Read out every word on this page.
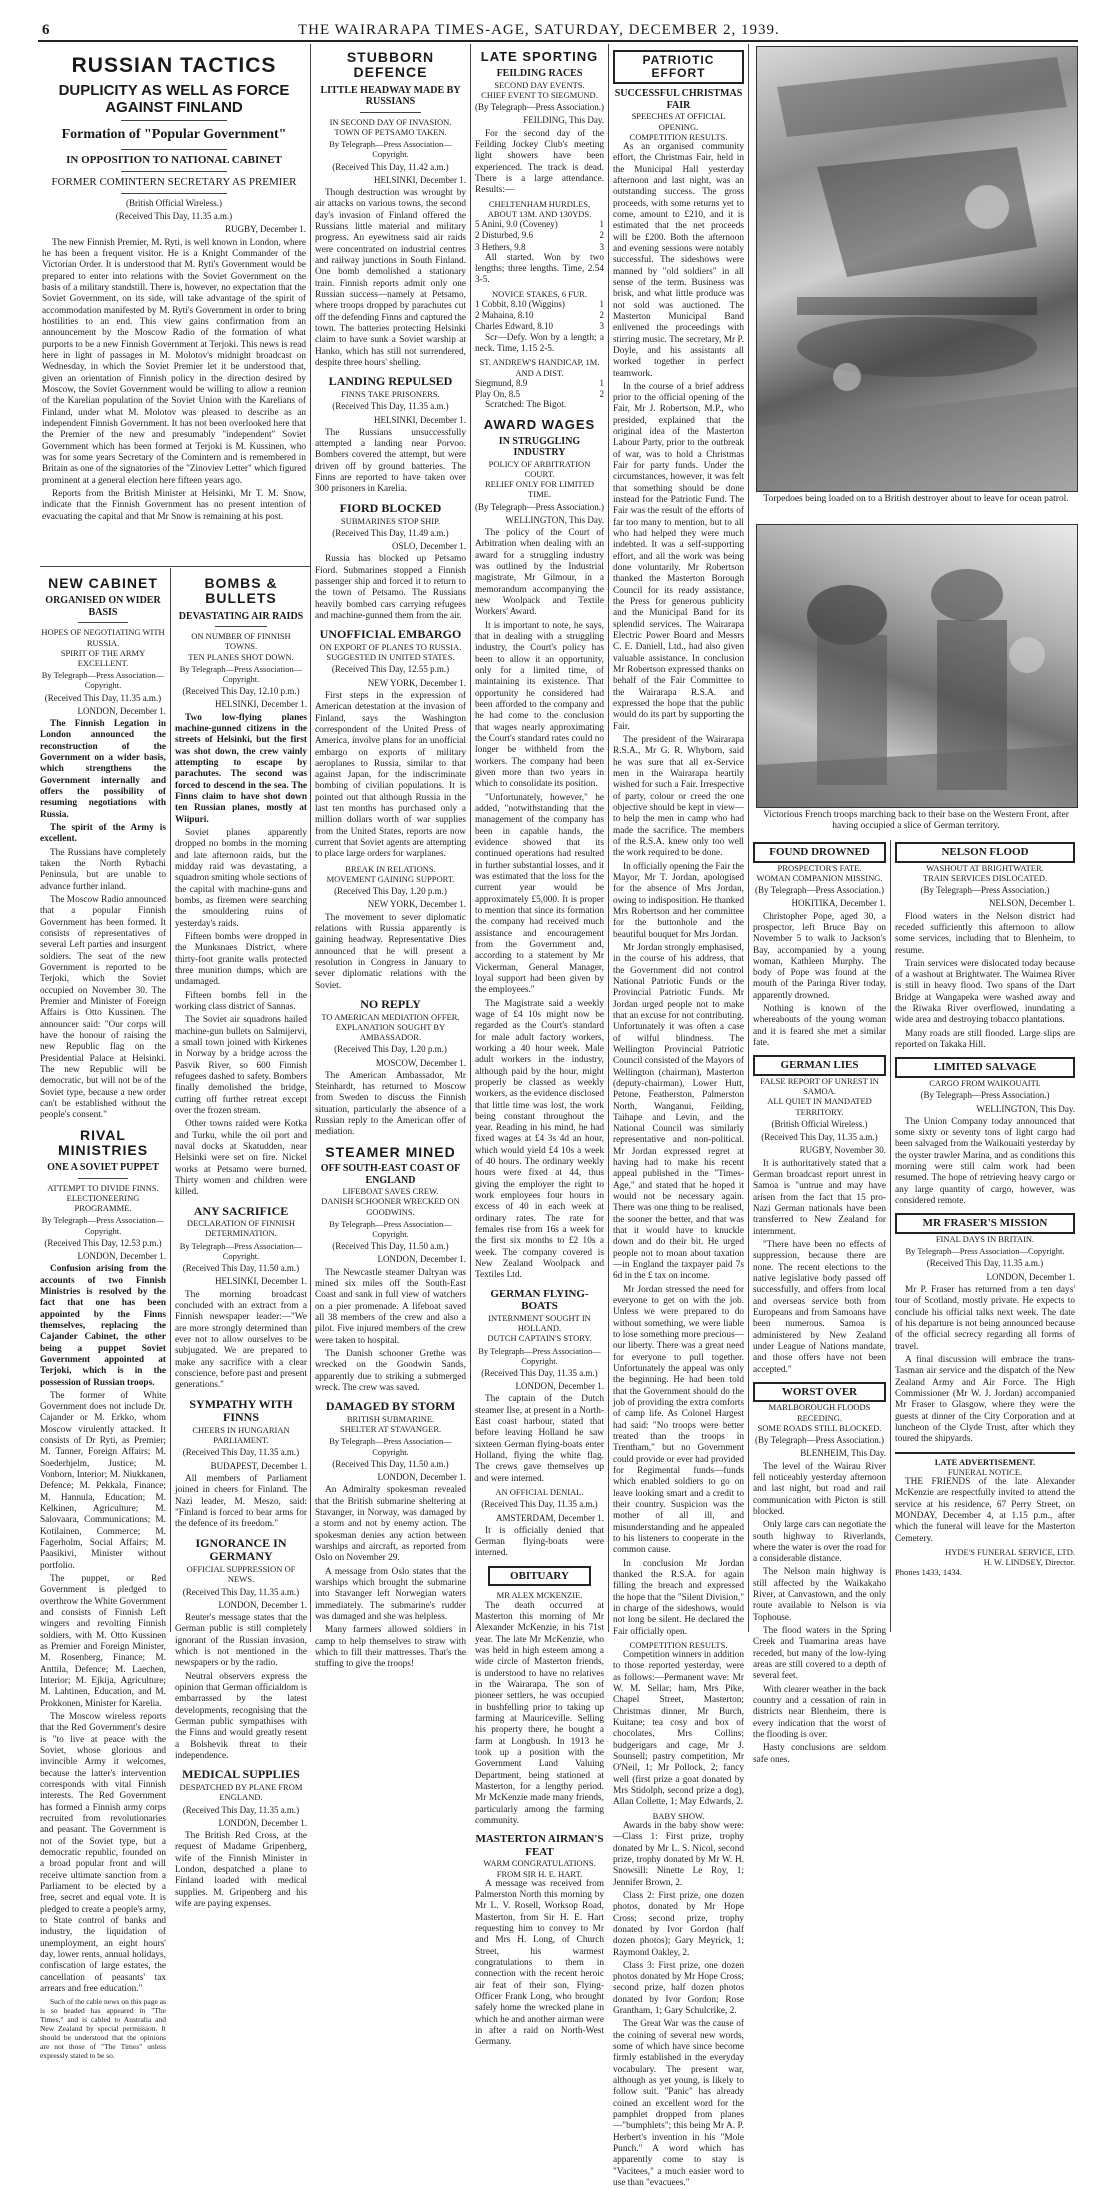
6	THE WAIRARAPA TIMES-AGE, SATURDAY, DECEMBER 2, 1939.
RUSSIAN TACTICS
DUPLICITY AS WELL AS FORCE AGAINST FINLAND
Formation of "Popular Government"
IN OPPOSITION TO NATIONAL CABINET
FORMER COMINTERN SECRETARY AS PREMIER
(British Official Wireless.)
(Received This Day, 11.35 a.m.)
RUGBY, December 1.

The new Finnish Premier, M. Ryti, is well known in London, where he has been a frequent visitor. He is a Knight Commander of the Victorian Order. It is understood that M. Ryti's Government would be prepared to enter into relations with the Soviet Government on the basis of a military standstill. There is, however, no expectation that the Soviet Government, on its side, will take advantage of the spirit of accommodation manifested by M. Ryti's Government in order to bring hostilities to an end. This view gains confirmation from an announcement by the Moscow Radio of the formation of what purports to be a new Finnish Government at Terjoki. This news is read here in light of passages in M. Molotov's midnight broadcast on Wednesday, in which the Soviet Premier let it be understood that, given an orientation of Finnish policy in the direction desired by Moscow, the Soviet Government would be willing to allow a reunion of the Karelian population of the Soviet Union with the Karelians of Finland, under what M. Molotov was pleased to describe as an independent Finnish Government. It has not been overlooked here that the Premier of the new and presumably "independent" Soviet Government which has been formed at Terjoki is M. Kussinen, who was for some years Secretary of the Comintern and is remembered in Britain as one of the signatories of the "Zinoviev Letter" which figured prominent at a general election here fifteen years ago.

Reports from the British Minister at Helsinki, Mr T. M. Snow, indicate that the Finnish Government has no present intention of evacuating the capital and that Mr Snow is remaining at his post.

NEW CABINET
ORGANISED ON WIDER BASIS
HOPES OF NEGOTIATING WITH RUSSIA.
SPIRIT OF THE ARMY EXCELLENT.
By Telegraph—Press Association—Copyright.
(Received This Day, 11.35 a.m.)
LONDON, December 1.

The Finnish Legation in London announced the reconstruction of the Government on a wider basis, which strengthens the Government internally and offers the possibility of resuming negotiations with Russia.

The spirit of the Army is excellent.

The Russians have completely taken the North Rybachi Peninsula, but are unable to advance further inland.

The Moscow Radio announced that a popular Finnish Government has been formed. It consists of representatives of several Left parties and insurgent soldiers. The seat of the new Government is reported to be Terjoki, which the Soviet occupied on November 30. The Premier and Minister of Foreign Affairs is Otto Kussinen. The announcer said: "Our corps will have the honour of raising the new Republic flag on the Presidential Palace at Helsinki. The new Republic will be democratic, but will not be of the Soviet type, because a new order can't be established without the people's consent."

RIVAL MINISTRIES
ONE A SOVIET PUPPET
ATTEMPT TO DIVIDE FINNS.
ELECTIONEERING PROGRAMME.
By Telegraph—Press Association—Copyright.
(Received This Day, 12.53 p.m.)
LONDON, December 1.

Confusion arising from the accounts of two Finnish Ministries is resolved by the fact that one has been appointed by the Finns themselves, replacing the Cajander Cabinet, the other being a puppet Soviet Government appointed at Terjoki, which is in the possession of Russian troops.

The former of White Government does not include Dr. Cajander or M. Erkko, whom Moscow virulently attacked. It consists of Dr Ryti, as Premier; M. Tanner, Foreign Affairs; M. Soederhjelm, Justice; M. Vonborn, Interior; M. Niukkanen, Defence; M. Pekkala, Finance; M. Hannula, Education; M. Kelkinen, Agriculture; M. Salovaara, Communications; M. Kotilainen, Commerce; M. Fagerholm, Social Affairs; M. Paasikivi, Minister without portfolio.

The puppet, or Red Government is pledged to overthrow the White Government and consists of Finnish Left wingers and revolting Finnish soldiers, with M. Otto Kussinen as Premier and Foreign Minister, M. Rosenberg, Finance; M. Anttila, Defence; M. Laechen, Interior; M. Ejkija, Agriculture; M. Lahtinen, Education, and M. Prokkonen, Minister for Karelia.

The Moscow wireless reports that the Red Government's desire is "to live at peace with the Soviet, whose glorious and invincible Army it welcomes, because the latter's intervention corresponds with vital Finnish interests. The Red Government has formed a Finnish army corps recruited from revolutionaries and peasant. The Government is not of the Soviet type, but a democratic republic, founded on a broad popular front and will receive ultimate sanction from a Parliament to be elected by a free, secret and equal vote. It is pledged to create a people's army, to State control of banks and industry, the liquidation of unemployment, an eight hours' day, lower rents, annual holidays, confiscation of large estates, the cancellation of peasants' tax arrears and free education."

Such of the cable news on this page as is so headed has appeared in "The Times," and is cabled to Australia and New Zealand by special permission. It should be understood that the opinions are not those of "The Times" unless expressly stated to be so.

BOMBS & BULLETS
DEVASTATING AIR RAIDS
ON NUMBER OF FINNISH TOWNS.
TEN PLANES SHOT DOWN.
By Telegraph—Press Association—Copyright.
(Received This Day, 12.10 p.m.)
HELSINKI, December 1.

Two low-flying planes machine-gunned citizens in the streets of Helsinki, but the first was shot down, the crew vainly attempting to escape by parachutes. The second was forced to descend in the sea. The Finns claim to have shot down ten Russian planes, mostly at Wiipuri.

Soviet planes apparently dropped no bombs in the morning and late afternoon raids, but the midday raid was devastating, a squadron smiting whole sections of the capital with machine-guns and bombs, as firemen were searching the smouldering ruins of yesterday's raids.

Fifteen bombs were dropped in the Munksnaes District, where thirty-foot granite walls protected three munition dumps, which are undamaged.

Fifteen bombs fell in the working class district of Sannas.

The Soviet air squadrons hailed machine-gun bullets on Salmijervi, a small town joined with Kirkenes in Norway by a bridge across the Pasvik River, so 600 Finnish refugees dashed to safety. Bombers finally demolished the bridge, cutting off further retreat except over the frozen stream.

Other towns raided were Kotka and Turku, while the oil port and naval docks at Skatudden, near Helsinki were set on fire. Nickel works at Petsamo were burned. Thirty women and children were killed.

ANY SACRIFICE
DECLARATION OF FINNISH DETERMINATION.
By Telegraph—Press Association—Copyright.
(Received This Day, 11.50 a.m.)
HELSINKI, December 1.

The morning broadcast concluded with an extract from a Finnish newspaper leader:—"We are more strongly determined than ever not to allow ourselves to be subjugated. We are prepared to make any sacrifice with a clear conscience, before past and present generations."

SYMPATHY WITH FINNS
CHEERS IN HUNGARIAN PARLIAMENT.
(Received This Day, 11.35 a.m.)
BUDAPEST, December 1.

All members of Parliament joined in cheers for Finland. The Nazi leader, M. Meszo, said: "Finland is forced to bear arms for the defence of its freedom."

IGNORANCE IN GERMANY
OFFICIAL SUPPRESSION OF NEWS.
(Received This Day, 11.35 a.m.)
LONDON, December 1.

Reuter's message states that the German public is still completely ignorant of the Russian invasion, which is not mentioned in the newspapers or by the radio.

Neutral observers express the opinion that German officialdom is embarrassed by the latest developments, recognising that the German public sympathises with the Finns and would greatly resent a Bolshevik threat to their independence.

MEDICAL SUPPLIES
DESPATCHED BY PLANE FROM ENGLAND.
(Received This Day, 11.35 a.m.)
LONDON, December 1.

The British Red Cross, at the request of Madame Gripenberg, wife of the Finnish Minister in London, despatched a plane to Finland loaded with medical supplies. M. Gripenberg and his wife are paying expenses.

STUBBORN DEFENCE
LITTLE HEADWAY MADE BY RUSSIANS
IN SECOND DAY OF INVASION.
TOWN OF PETSAMO TAKEN.
By Telegraph—Press Association—Copyright.
(Received This Day, 11.42 a.m.)
HELSINKI, December 1.

Though destruction was wrought by air attacks on various towns, the second day's invasion of Finland offered the Russians little material and military progress. An eyewitness said air raids were concentrated on industrial centres and railway junctions in South Finland. One bomb demolished a stationary train. Finnish reports admit only one Russian success—namely at Petsamo, where troops dropped by parachutes cut off the defending Finns and captured the town. The batteries protecting Helsinki claim to have sunk a Soviet warship at Hanko, which has still not surrendered, despite three hours' shelling.

LANDING REPULSED
FINNS TAKE PRISONERS.
(Received This Day, 11.35 a.m.)
HELSINKI, December 1.

The Russians unsuccessfully attempted a landing near Porvoo. Bombers covered the attempt, but were driven off by ground batteries. The Finns are reported to have taken over 300 prisoners in Karelia.

FIORD BLOCKED
SUBMARINES STOP SHIP.
(Received This Day, 11.49 a.m.)
OSLO, December 1.

Russia has blocked up Petsamo Fiord. Submarines stopped a Finnish passenger ship and forced it to return to the town of Petsamo. The Russians heavily bombed cars carrying refugees and machine-gunned them from the air.

UNOFFICIAL EMBARGO
ON EXPORT OF PLANES TO RUSSIA.
SUGGESTED IN UNITED STATES.
(Received This Day, 12.55 p.m.)
NEW YORK, December 1.

First steps in the expression of American detestation at the invasion of Finland, says the Washington correspondent of the United Press of America, involve plans for an unofficial embargo on exports of military aeroplanes to Russia, similar to that against Japan, for the indiscriminate bombing of civilian populations. It is pointed out that although Russia in the last ten months has purchased only a million dollars worth of war supplies from the United States, reports are now current that Soviet agents are attempting to place large orders for warplanes.

BREAK IN RELATIONS.
MOVEMENT GAINING SUPPORT.
(Received This Day, 1.20 p.m.)
NEW YORK, December 1.

The movement to sever diplomatic relations with Russia apparently is gaining headway. Representative Dies announced that he will present a resolution in Congress in January to sever diplomatic relations with the Soviet.

NO REPLY
TO AMERICAN MEDIATION OFFER.
EXPLANATION SOUGHT BY AMBASSADOR.
(Received This Day, 1.20 p.m.)
MOSCOW, December 1.

The American Ambassador, Mr Steinhardt, has returned to Moscow from Sweden to discuss the Finnish situation, particularly the absence of a Russian reply to the American offer of mediation.

STEAMER MINED
OFF SOUTH-EAST COAST OF ENGLAND
LIFEBOAT SAVES CREW.
DANISH SCHOONER WRECKED ON GOODWINS.
By Telegraph—Press Association—Copyright.
(Received This Day, 11.50 a.m.)
LONDON, December 1.

The Newcastle steamer Dalryan was mined six miles off the South-East Coast and sank in full view of watchers on a pier promenade. A lifeboat saved all 38 members of the crew and also a pilot. Five injured members of the crew were taken to hospital.

The Danish schooner Grethe was wrecked on the Goodwin Sands, apparently due to striking a submerged wreck. The crew was saved.

DAMAGED BY STORM
BRITISH SUBMARINE.
SHELTER AT STAVANGER.
By Telegraph—Press Association—Copyright.
(Received This Day, 11.50 a.m.)
LONDON, December 1.

An Admiralty spokesman revealed that the British submarine sheltering at Stavanger, in Norway, was damaged by a storm and not by enemy action. The spokesman denies any action between warships and aircraft, as reported from Oslo on November 29.

A message from Oslo states that the warships which brought the submarine into Stavanger left Norwegian waters immediately. The submarine's rudder was damaged and she was helpless.

Many farmers allowed soldiers in camp to help themselves to straw with which to fill their mattresses. That's the stuffing to give the troops!

LATE SPORTING
FEILDING RACES
SECOND DAY EVENTS.
CHIEF EVENT TO SIEGMUND.
(By Telegraph—Press Association.)
FEILDING, This Day.

For the second day of the Feilding Jockey Club's meeting light showers have been experienced. The track is dead. There is a large attendance. Results:—

CHELTENHAM HURDLES, ABOUT 13M. AND 130YDS.
5 Anini, 9.0 (Coveney)	1
2 Disturbed, 9.6	2
3 Hethers, 9.8	3

All started. Won by two lengths; three lengths. Time, 2.54 3-5.

NOVICE STAKES, 6 FUR.
1 Cobbit, 8.10 (Wiggins)	1
2 Mahaina, 8.10	2
Charles Edward, 8.10	3

Scr—Defy. Won by a length; a neck. Time, 1.15 2-5.

ST. ANDREW'S HANDICAP, 1M. AND A DIST.
Siegmund, 8.9	1
Play On, 8.5	2

Scratched: The Bigot.

AWARD WAGES
IN STRUGGLING INDUSTRY
POLICY OF ARBITRATION COURT.
RELIEF ONLY FOR LIMITED TIME.
(By Telegraph—Press Association.)
WELLINGTON, This Day.

The policy of the Court of Arbitration when dealing with an award for a struggling industry was outlined by the Industrial magistrate, Mr Gilmour, in a memorandum accompanying the new Woolpack and Textile Workers' Award.

It is important to note, he says, that in dealing with a struggling industry, the Court's policy has been to allow it an opportunity, only for a limited time, of maintaining its existence. That opportunity he considered had been afforded to the company and he had come to the conclusion that wages nearly approximating the Court's standard rates could no longer be withheld from the workers. The company had been given more than two years in which to consolidate its position.

"Unfortunately, however," he added, "notwithstanding that the management of the company has been in capable hands, the evidence showed that its continued operations had resulted in further substantial losses, and it was estimated that the loss for the current year would be approximately £5,000. It is proper to mention that since its formation the company had received much assistance and encouragement from the Government and, according to a statement by Mr Vickerman, General Manager, loyal support had been given by the employees."

The Magistrate said a weekly wage of £4 10s might now be regarded as the Court's standard for male adult factory workers, working a 40 hour week. Male adult workers in the industry, although paid by the hour, might properly be classed as weekly workers, as the evidence disclosed that little time was lost, the work being constant throughout the year. Reading in his mind, he had fixed wages at £4 3s 4d an hour, which would yield £4 10s a week of 40 hours. The ordinary weekly hours were fixed at 44, thus giving the employer the right to work employees four hours in excess of 40 in each week at ordinary rates. The rate for females rise from 16s a week for the first six months to £2 10s a week. The company covered is New Zealand Woolpack and Textiles Ltd.

GERMAN FLYING-BOATS
INTERNMENT SOUGHT IN HOLLAND.
DUTCH CAPTAIN'S STORY.
By Telegraph—Press Association—Copyright.
(Received This Day, 11.35 a.m.)
LONDON, December 1.

The captain of the Dutch steamer Ilse, at present in a North-East coast harbour, stated that before leaving Holland he saw sixteen German flying-boats enter Holland, flying the white flag. The crews gave themselves up and were interned.

AN OFFICIAL DENIAL.
(Received This Day, 11.35 a.m.)
AMSTERDAM, December 1.

It is officially denied that German flying-boats were interned.

OBITUARY
MR ALEX MCKENZIE.

The death occurred at Masterton this morning of Mr Alexander McKenzie, in his 71st year. The late Mr McKenzie, who was held in high esteem among a wide circle of Masterton friends, is understood to have no relatives in the Wairarapa. The son of pioneer settlers, he was occupied in bushfelling prior to taking up farming at Mauriceville. Selling his property there, he bought a farm at Longbush. In 1913 he took up a position with the Government Land Valuing Department, being stationed at Masterton, for a lengthy period. Mr McKenzie made many friends, particularly among the farming community.

MASTERTON AIRMAN'S FEAT
WARM CONGRATULATIONS.
FROM SIR H. E. HART.

A message was received from Palmerston North this morning by Mr L. V. Rosell, Worksop Road, Masterton, from Sir H. E. Hart requesting him to convey to Mr and Mrs H. Long, of Church Street, his warmest congratulations to them in connection with the recent heroic air feat of their son, Flying-Officer Frank Long, who brought safely home the wrecked plane in which he and another airman were in after a raid on North-West Germany.

PATRIOTIC EFFORT
SUCCESSFUL CHRISTMAS FAIR
SPEECHES AT OFFICIAL OPENING.
COMPETITION RESULTS.

As an organised community effort, the Christmas Fair, held in the Municipal Hall yesterday afternoon and last night, was an outstanding success. The gross proceeds, with some returns yet to come, amount to £210, and it is estimated that the net proceeds will be £200. Both the afternoon and evening sessions were notably successful. The sideshows were manned by "old soldiers" in all sense of the term. Business was brisk, and what little produce was not sold was auctioned. The Masterton Municipal Band enlivened the proceedings with stirring music. The secretary, Mr P. Doyle, and his assistants all worked together in perfect teamwork.

In the course of a brief address prior to the official opening of the Fair, Mr J. Robertson, M.P., who presided, explained that the original idea of the Masterton Labour Party, prior to the outbreak of war, was to hold a Christmas Fair for party funds. Under the circumstances, however, it was felt that something should be done instead for the Patriotic Fund. The Fair was the result of the efforts of far too many to mention, but to all who had helped they were much indebted. It was a self-supporting effort, and all the work was being done voluntarily. Mr Robertson thanked the Masterton Borough Council for its ready assistance, the Press for generous publicity and the Municipal Band for its splendid services. The Wairarapa Electric Power Board and Messrs C. E. Daniell, Ltd., had also given valuable assistance. In conclusion Mr Robertson expressed thanks on behalf of the Fair Committee to the Wairarapa R.S.A. and expressed the hope that the public would do its part by supporting the Fair.

The president of the Wairarapa R.S.A., Mr G. R. Whyborn, said he was sure that all ex-Service men in the Wairarapa heartily wished for such a Fair. Irrespective of party, colour or creed the one objective should be kept in view—to help the men in camp who had made the sacrifice. The members of the R.S.A. knew only too well the work required to be done.

In officially opening the Fair the Mayor, Mr T. Jordan, apologised for the absence of Mrs Jordan, owing to indisposition. He thanked Mrs Robertson and her committee for the buttonhole and the beautiful bouquet for Mrs Jordan.

Mr Jordan strongly emphasised, in the course of his address, that the Government did not control National Patriotic Funds or the Provincial Patriotic Funds. Mr Jordan urged people not to make that an excuse for not contributing. Unfortunately it was often a case of wilful blindness. The Wellington Provincial Patriotic Council consisted of the Mayors of Wellington (chairman), Masterton (deputy-chairman), Lower Hutt, Petone, Featherston, Palmerston North, Wanganui, Feilding, Taihape and Levin, and the National Council was similarly representative and non-political. Mr Jordan expressed regret at having had to make his recent appeal published in the "Times-Age," and stated that he hoped it would not be necessary again. There was one thing to be realised, the sooner the better, and that was that it would have to knuckle down and do their bit. He urged people not to moan about taxation—in England the taxpayer paid 7s 6d in the £ tax on income.

Mr Jordan stressed the need for everyone to get on with the job. Unless we were prepared to do without something, we were liable to lose something more precious—our liberty. There was a great need for everyone to pull together. Unfortunately the appeal was only the beginning. He had been told that the Government should do the job of providing the extra comforts of camp life. As Colonel Hargest had said: "No troops were better treated than the troops in Trentham," but no Government could provide or ever had provided for Regimental funds—funds which enabled soldiers to go on leave looking smart and a credit to their country. Suspicion was the mother of all ill, and misunderstanding and he appealed to his listeners to cooperate in the common cause.

In conclusion Mr Jordan thanked the R.S.A. for again filling the breach and expressed the hope that the "Silent Division," in charge of the sideshows, would not long be silent. He declared the Fair officially open.

COMPETITION RESULTS.

Competition winners in addition to those reported yesterday, were as follows:—Permanent wave: Mr W. M. Sellar; ham, Mrs Pike, Chapel Street, Masterton; Christmas dinner, Mr Burch, Kuitane; tea cosy and box of chocolates, Mrs Collins; budgerigars and cage, Mr J. Sounsell; pastry competition, Mr O'Neil, 1; Mr Pollock, 2; fancy well (first prize a goat donated by Mrs Stidolph, second prize a dog), Allan Collette, 1; May Edwards, 2.

BABY SHOW.

Awards in the baby show were:—Class 1: First prize, trophy donated by Mr L. S. Nicol, second prize, trophy donated by Mr W. H. Snowsill: Ninette Le Roy, 1; Jennifer Brown, 2.

Class 2: First prize, one dozen photos, donated by Mr Hope Cross; second prize, trophy donated by Ivor Gordon (half dozen photos); Gary Meyrick, 1; Raymond Oakley, 2.

Class 3: First prize, one dozen photos donated by Mr Hope Cross; second prize, half dozen photos donated by Ivor Gordon; Rose Grantham, 1; Gary Schulcrike, 2.

The Great War was the cause of the coining of several new words, some of which have since become firmly established in the everyday vocabulary. The present war, although as yet young, is likely to follow suit. "Panic" has already coined an excellent word for the pamphlet dropped from planes—"bumphlets"; this being Mr A. P. Herbert's invention in his "Mole Punch." A word which has apparently come to stay is "Vacitees," a much easier word to use than "evacuees."

Torpedoes being loaded on to a British destroyer about to leave for ocean patrol.
Victorious French troops marching back to their base on the Western Front, after having occupied a slice of German territory.
FOUND DROWNED
PROSPECTOR'S FATE.
WOMAN COMPANION MISSING.
(By Telegraph—Press Association.)
HOKITIKA, December 1.

Christopher Pope, aged 30, a prospector, left Bruce Bay on November 5 to walk to Jackson's Bay, accompanied by a young woman, Kathleen Murphy. The body of Pope was found at the mouth of the Paringa River today, apparently drowned.

Nothing is known of the whereabouts of the young woman and it is feared she met a similar fate.

GERMAN LIES
FALSE REPORT OF UNREST IN SAMOA.
ALL QUIET IN MANDATED TERRITORY.
(British Official Wireless.)
(Received This Day, 11.35 a.m.)
RUGBY, November 30.

It is authoritatively stated that a German broadcast report unrest in Samoa is "untrue and may have arisen from the fact that 15 pro-Nazi German nationals have been transferred to New Zealand for internment.

"There have been no effects of suppression, because there are none. The recent elections to the native legislative body passed off successfully, and offers from local and overseas service both from Europeans and from Samoans have been numerous. Samoa is administered by New Zealand under League of Nations mandate, and those offers have not been accepted."

WORST OVER
MARLBOROUGH FLOODS RECEDING.
SOME ROADS STILL BLOCKED.
(By Telegraph—Press Association.)
BLENHEIM, This Day.

The level of the Wairau River fell noticeably yesterday afternoon and last night, but road and rail communication with Picton is still blocked.

Only large cars can negotiate the south highway to Riverlands, where the water is over the road for a considerable distance.

The Nelson main highway is still affected by the Waikakaho River, at Canvastown, and the only route available to Nelson is via Tophouse.

The flood waters in the Spring Creek and Tuamarina areas have receded, but many of the low-lying areas are still covered to a depth of several feet.

With clearer weather in the back country and a cessation of rain in districts near Blenheim, there is every indication that the worst of the flooding is over.

Hasty conclusions are seldom safe ones.

NELSON FLOOD
WASHOUT AT BRIGHTWATER.
TRAIN SERVICES DISLOCATED.
(By Telegraph—Press Association.)
NELSON, December 1.

Flood waters in the Nelson district had receded sufficiently this afternoon to allow some services, including that to Blenheim, to resume.

Train services were dislocated today because of a washout at Brightwater. The Waimea River is still in heavy flood. Two spans of the Dart Bridge at Wangapeka were washed away and the Riwaka River overflowed, inundating a wide area and destroying tobacco plantations.

Many roads are still flooded. Large slips are reported on Takaka Hill.

LIMITED SALVAGE
CARGO FROM WAIKOUAITI.
(By Telegraph—Press Association.)
WELLINGTON, This Day.

The Union Company today announced that some sixty or seventy tons of light cargo had been salvaged from the Waikouaiti yesterday by the oyster trawler Marina, and as conditions this morning were still calm work had been resumed. The hope of retrieving heavy cargo or any large quantity of cargo, however, was considered remote.

MR FRASER'S MISSION
FINAL DAYS IN BRITAIN.
By Telegraph—Press Association—Copyright.
(Received This Day, 11.35 a.m.)
LONDON, December 1.

Mr P. Fraser has returned from a ten days' tour of Scotland, mostly private. He expects to conclude his official talks next week. The date of his departure is not being announced because of the official secrecy regarding all forms of travel.

A final discussion will embrace the trans-Tasman air service and the dispatch of the New Zealand Army and Air Force. The High Commissioner (Mr W. J. Jordan) accompanied Mr Fraser to Glasgow, where they were the guests at dinner of the City Corporation and at luncheon of the Clyde Trust, after which they toured the shipyards.

LATE ADVERTISEMENT.
FUNERAL NOTICE.

THE FRIENDS of the late Alexander McKenzie are respectfully invited to attend the service at his residence, 67 Perry Street, on MONDAY, December 4, at 1.15 p.m., after which the funeral will leave for the Masterton Cemetery.

HYDE'S FUNERAL SERVICE, LTD.
H. W. LINDSEY, Director.
Phones 1433, 1434.
